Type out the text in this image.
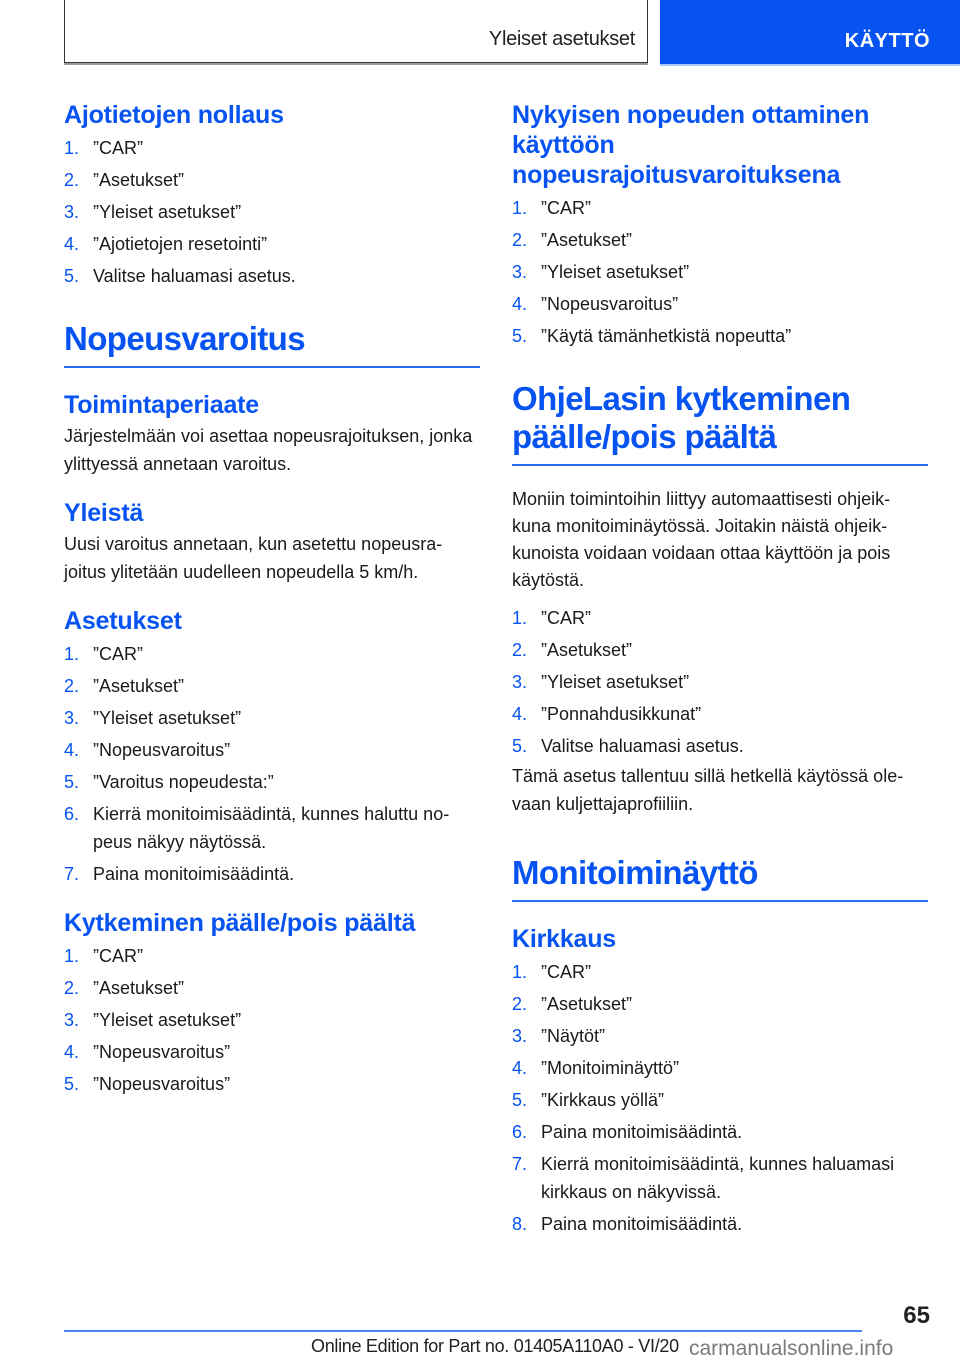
Yleiset asetukset	KÄYTTÖ
Ajotietojen nollaus
1. ”CAR”
2. ”Asetukset”
3. ”Yleiset asetukset”
4. ”Ajotietojen resetointi”
5. Valitse haluamasi asetus.
Nopeusvaroitus
Toimintaperiaate

Järjestelmään voi asettaa nopeusrajoituksen, jonka ylittyessä annetaan varoitus.

Yleistä

Uusi varoitus annetaan, kun asetettu nopeusra-joitus ylitetään uudelleen nopeudella 5 km/h.

Asetukset
1. ”CAR”
2. ”Asetukset”
3. ”Yleiset asetukset”
4. ”Nopeusvaroitus”
5. ”Varoitus nopeudesta:”
6. Kierrä monitoimisäädintä, kunnes haluttu no-peus näkyy näytössä.
7. Paina monitoimisäädintä.
Kytkeminen päälle/pois päältä
1. ”CAR”
2. ”Asetukset”
3. ”Yleiset asetukset”
4. ”Nopeusvaroitus”
5. ”Nopeusvaroitus”
Nykyisen nopeuden ottaminen käyttöön nopeusrajoitusvaroituksena
1. ”CAR”
2. ”Asetukset”
3. ”Yleiset asetukset”
4. ”Nopeusvaroitus”
5. ”Käytä tämänhetkistä nopeutta”
OhjeLasin kytkeminen päälle/pois päältä

Moniin toimintoihin liittyy automaattisesti ohjeik-kuna monitoiminäytössä. Joitakin näistä ohjeik-kunoista voidaan voidaan ottaa käyttöön ja pois käytöstä.

1. ”CAR”
2. ”Asetukset”
3. ”Yleiset asetukset”
4. ”Ponnahdusikkunat”
5. Valitse haluamasi asetus.

Tämä asetus tallentuu sillä hetkellä käytössä ole-vaan kuljettajaprofiiliin.

Monitoiminäyttö
Kirkkaus
1. ”CAR”
2. ”Asetukset”
3. ”Näytöt”
4. ”Monitoiminäyttö”
5. ”Kirkkaus yöllä”
6. Paina monitoimisäädintä.
7. Kierrä monitoimisäädintä, kunnes haluamasi kirkkaus on näkyvissä.
8. Paina monitoimisäädintä.
65
Online Edition for Part no. 01405A110A0 - VI/20 carmanualsonline.info
